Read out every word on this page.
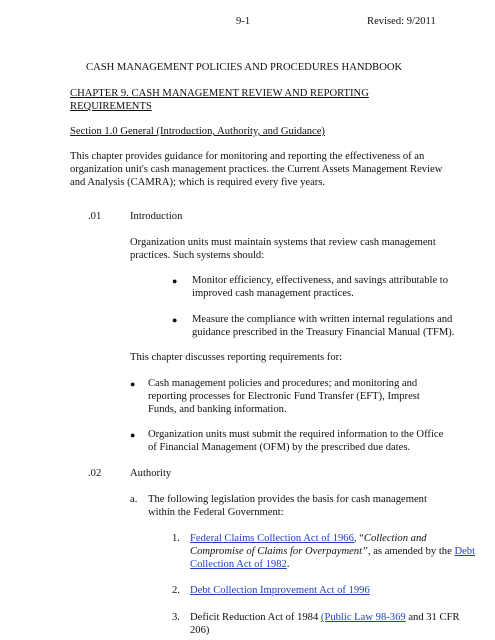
9-1	Revised: 9/2011
CASH MANAGEMENT POLICIES AND PROCEDURES HANDBOOK
CHAPTER 9. CASH MANAGEMENT REVIEW AND REPORTING
REQUIREMENTS
Section 1.0 General (Introduction, Authority, and Guidance)
This chapter provides guidance for monitoring and reporting the effectiveness of an
organization unit's cash management practices. the Current Assets Management Review
and Analysis (CAMRA); which is required every five years.
.01	Introduction
Organization units must maintain systems that review cash management
practices. Such systems should:
● Monitor efficiency, effectiveness, and savings attributable to
improved cash management practices.
● Measure the compliance with written internal regulations and
guidance prescribed in the Treasury Financial Manual (TFM).
This chapter discusses reporting requirements for:
● Cash management policies and procedures; and monitoring and
reporting processes for Electronic Fund Transfer (EFT), Imprest
Funds, and banking information.
● Organization units must submit the required information to the Office
of Financial Management (OFM) by the prescribed due dates.
.02	Authority
a. The following legislation provides the basis for cash management
within the Federal Government:
1. Federal Claims Collection Act of 1966, “Collection and
Compromise of Claims for Overpayment”, as amended by the Debt
Collection Act of 1982.
2. Debt Collection Improvement Act of 1996
3. Deficit Reduction Act of 1984 (Public Law 98-369 and 31 CFR
206)
